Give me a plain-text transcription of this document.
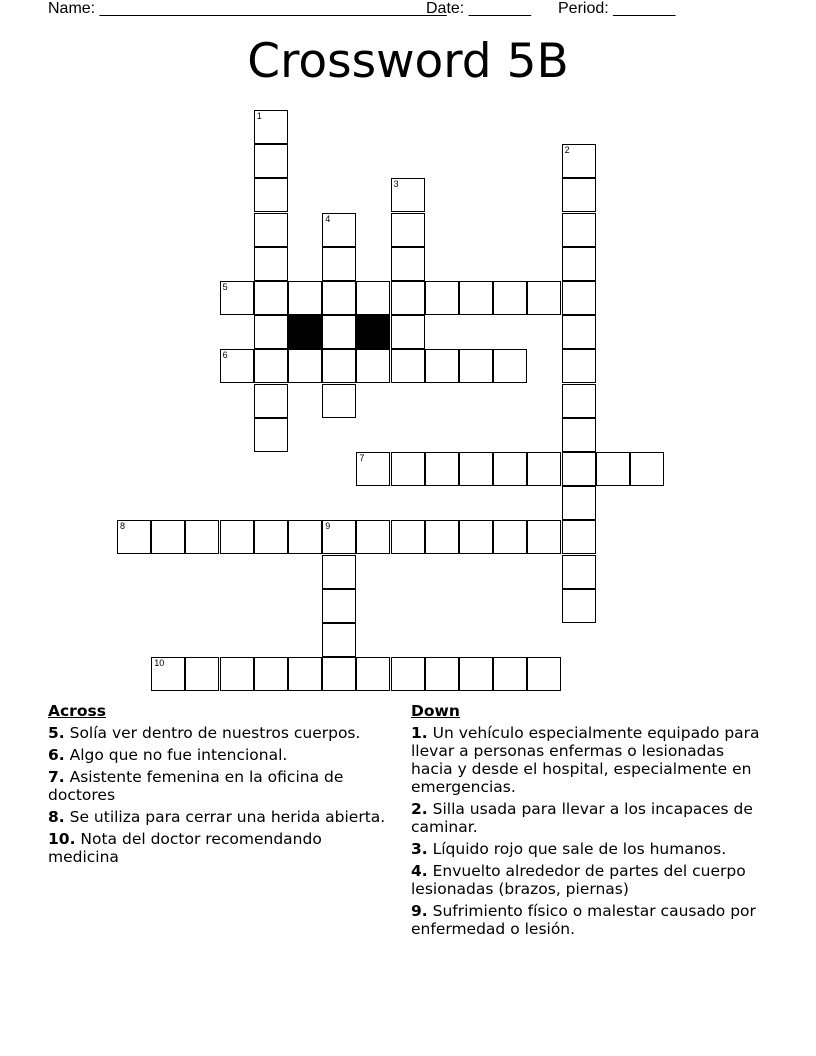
Name: _______________________________________
Date: _______ Period: _______
Crossword 5B
1
2
3
4
5
6
7
8	9
10
Across
5. Solía ver dentro de nuestros cuerpos.
6. Algo que no fue intencional.
7. Asistente femenina en la oficina de doctores
8. Se utiliza para cerrar una herida abierta.
10. Nota del doctor recomendando medicina
Down
1. Un vehículo especialmente equipado para llevar a personas enfermas o lesionadas hacia y desde el hospital, especialmente en emergencias.
2. Silla usada para llevar a los incapaces de caminar.
3. Líquido rojo que sale de los humanos.
4. Envuelto alrededor de partes del cuerpo lesionadas (brazos, piernas)
9. Sufrimiento físico o malestar causado por enfermedad o lesión.
